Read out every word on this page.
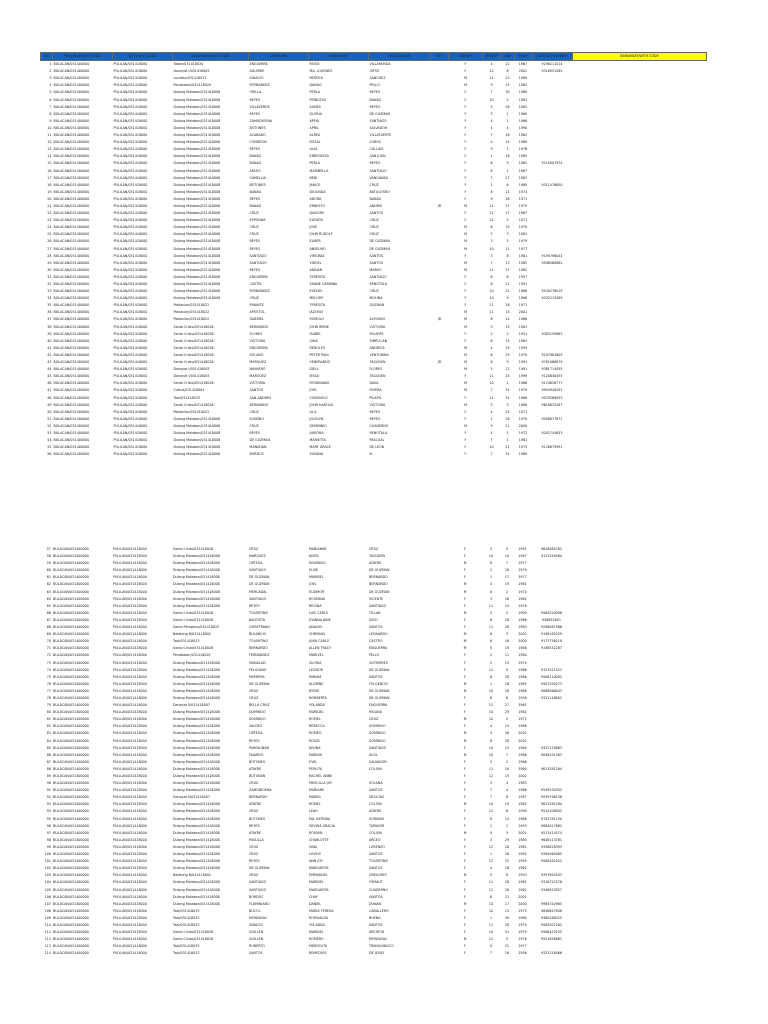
NO	PROVINCE/WITH CODE	CITY/WITH CODE	BARANGAY/WITH CODE	LASTNAME	FIRSTNAME	MIDDLENAME	EXT	GENDER	MONTH	DAY	YEAR	CONTACT NUMBER	BARANGAY/WITH CODE
1	BULACAN/031400000	PULILAN/031418000	Tabon/031418034	ENGUERRA	ROSIE	VILLARUNDA		F	4	22	1967	9298211014	
2	BULACAN/031400000	PULILAN/031418000	Danayat I/031418005	AGUIRRE	MA. LOURDES	ORTIZ		F	12	8	2002	9316951285	
3	BULACAN/031400000	PULILAN/031418000	Lumbac/031418011	IGNACIO	PATRICK	SANCHEZ		M	12	23	1989		
4	BULACAN/031400000	PULILAN/031418000	Penabatan/031418020	FERNANDEZ	DANILO	PELLO		M	9	25	1982		
5	BULACAN/031400000	PULILAN/031418000	Dulong Malabon/031418008	ORILLA	PERLA	REYES		F	7	30	1960		
6	BULACAN/031400000	PULILAN/031418000	Dulong Malabon/031418008	REYES	PRINCESS	BANAG		F	10	2	1981		
7	BULACAN/031400000	PULILAN/031418000	Dulong Malabon/031418008	VILLAVERDE	AGNES	REYES		F	5	26	1982		
8	BULACAN/031400000	PULILAN/031418000	Dulong Malabon/031418008	REYES	GLORIA	DE GUZMAN		F	3	1	1960		
9	BULACAN/031400000	PULILAN/031418000	Dulong Malabon/031418008	ZAMUDIOENA	APPIA	SANTIAGO		F	4	1	1966		
10	BULACAN/031400000	PULILAN/031418000	Dulong Malabon/031418008	BOTONES	APRIL	SALVADOR		F	4	4	1990		
11	BULACAN/031400000	PULILAN/031418000	Dulong Malabon/031418008	ACABADO	ALREA	VILLAFUERTE		F	7	18	1962		
12	BULACAN/031400000	PULILAN/031418000	Dulong Malabon/031418008	CONDRON	ROSAL	LOBOS		F	4	14	1980		
13	BULACAN/031400000	PULILAN/031418000	Dulong Malabon/031418008	REYES	LILIA	CALLIAO		F	9	1	1976		
14	BULACAN/031400000	PULILAN/031418000	Dulong Malabon/031418008	BANAG	ENRIQUEZA	SAN JUAN		F	1	18	1985		
15	BULACAN/031400000	PULILAN/031418000	Dulong Malabon/031418008	BANAG	PERLA	REYES		F	6	9	1962	9210007974	
16	BULACAN/031400000	PULILAN/031418000	Dulong Malabon/031418008	ARCEO	MARINELLA	SANTIAGO		F	8	1	1967		
17	BULACAN/031400000	PULILAN/031418000	Dulong Malabon/031418008	CAMELLIA	BEBI	VANGANZA		F	7	27	1983		
18	BULACAN/031400000	PULILAN/031418000	Dulong Malabon/031418008	BOTONES	JANICE	CRUZ		F	1	6	1980	9311476650	
19	BULACAN/031400000	PULILAN/031418000	Dulong Malabon/031418008	BANAG	DIOLINDA	BATILLOSRO		F	6	11	1974		
20	BULACAN/031400000	PULILAN/031418000	Dulong Malabon/031418008	REYES	ADORA	BANAG		F	9	18	1971		
21	BULACAN/031400000	PULILAN/031418000	Dulong Malabon/031418008	BANAG	ERNESTO	ANDRIS	JR	M	12	27	1975		
22	BULACAN/031400000	PULILAN/031418000	Dulong Malabon/031418008	CRUZ	DIASORE	SANTOS		F	12	17	1967		
23	BULACAN/031400000	PULILAN/031418000	Dulong Malabon/031418008	ESPONDA	ELENITA	CRUZ		F	12	5	1971		
24	BULACAN/031400000	PULILAN/031418000	Dulong Malabon/031418008	CRUZ	JOSE	CRUZ		M	6	19	1970		
25	BULACAN/031400000	PULILAN/031418000	Dulong Malabon/031418008	CRUZ	JOHN RUDOLF	CRUZ		M	5	3	1981		
26	BULACAN/031400000	PULILAN/031418000	Dulong Malabon/031418008	REYES	ELMER	DE GUZMAN		M	3	5	1979		
27	BULACAN/031400000	PULILAN/031418000	Dulong Malabon/031418008	REYES	ANSELMO	DE GUZMAN		M	10	11	1977		
28	BULACAN/031400000	PULILAN/031418000	Dulong Malabon/031418008	SANTIAGO	VIRGINIA	SANTOS		F	3	8	1961	9195796044	
29	BULACAN/031400000	PULILAN/031418000	Dulong Malabon/031418008	SANTIAGO	VIRGEL	SANTOS		M	7	13	1982	9948560882	
30	BULACAN/031400000	PULILAN/031418000	Dulong Malabon/031418008	REYES	ADRIAN	MARSO		M	11	27	1982		
31	BULACAN/031400000	PULILAN/031418000	Dulong Malabon/031418008	ENGUERRA	TERESITA	SANTIAGO		F	8	8	1957		
32	BULACAN/031400000	PULILAN/031418000	Dulong Malabon/031418008	CASTEL	SHANE CARMINA	RENOTALA		F	6	11	1991		
33	BULACAN/031400000	PULILAN/031418000	Dulong Malabon/031418008	FERNANDEZ	EVELYN	CRUZ		F	10	22	1966	9530278019	
34	BULACAN/031400000	PULILAN/031418000	Dulong Malabon/031418008	CRUZ	MELODY	MOLINA		F	10	9	1986	9332274589	
35	BULACAN/031400000	PULILAN/031418000	Poblacion/031418022	PINANTE	TERESITA	GUZMAN		F	11	26	1971		
36	BULACAN/031400000	PULILAN/031418000	Poblacion/031418022	APOSTOL	JAZORLY			M	11	15	2001		
37	BULACAN/031400000	PULILAN/031418000	Poblacion/031418022	GABRIEL	ROMULO	ALFONSO	JR	M	6	14	1966		
38	BULACAN/031400000	PULILAN/031418000	Santo Cristo/031418026	BERNARDO	JOHN IRENE	VICTORIA		M	3	15	1981		
39	BULACAN/031400000	PULILAN/031418000	Santo Cristo/031418026	FLORES	ISABEL	RICAFRE		F	2	2	1951	9383195863	
40	BULACAN/031400000	PULILAN/031418000	Santo Cristo/031418026	VICTORIA	GINA	SIMPLICAN		F	6	15	1983		
41	BULACAN/031400000	PULILAN/031418000	Santo Cristo/031418026	ENGUERRA	RENOLFO	ANDRICA		M	4	29	1959		
42	BULACAN/031400000	PULILAN/031418000	Santo Cristo/031418026	SOLANO	PETER PAUL	VENTURINA		M	6	29	1970	9107981809	
43	BULACAN/031400000	PULILAN/031418000	Santo Cristo/031418026	MARQUEZ	VENERANDO	TAGUDEN	JR	M	6	9	1991	9761068879	
44	BULACAN/031400000	PULILAN/031418000	Danayat I/031418005	NAVARRO	IDELL	FLORES		M	5	12	1991	9381714455	
45	BULACAN/031400000	PULILAN/031418000	Danayat I/031418005	MARQUEZ	JESSA	TAGUDEN		F	11	25	1999	9120840455	
46	BULACAN/031400000	PULILAN/031418000	Santo Cristo/031418026	VICTORIA	FERDINAND	DAVA		M	10	1	1966	9124626777	
47	BULACAN/031400000	PULILAN/031418000	Cutcut/031418004	SANTOS	JOEL	RIVERA		M	7	31	1979	9954940291	
48	BULACAN/031400000	PULILAN/031418000	Taal/031418033	SAN ANDRES	CONSUELO	PILAPIL		F	12	31	1966	9079269053	
49	BULACAN/031400000	PULILAN/031418000	Santo Cristo/031418026	BERNARDO	JOHN HAROLD	VICTORIA		M	5	3	1986	9618632287	
50	BULACAN/031400000	PULILAN/031418000	Poblacion/031418022	CRUZ	LILA	REYES		F	4	24	1971		
51	BULACAN/031400000	PULILAN/031418000	Dulong Malabon/031418008	EUSEBIO	JOCELYN	REYES		F	1	28	1970	9058677671	
52	BULACAN/031400000	PULILAN/031418000	Dulong Malabon/031418008	CRUZ	GEMMINIO	CUADERNO		M	9	21	2000		
53	BULACAN/031400000	PULILAN/031418000	Dulong Malabon/031418008	REYES	AURORA	RENOTALA		F	4	5	1972	9202745653	
54	BULACAN/031400000	PULILAN/031418000	Dulong Malabon/031418008	DE GUZMAN	MARIETTA	PASCUAL		F	7	1	1981		
55	BULACAN/031400000	PULILAN/031418000	Dulong Malabon/031418008	MANAHAN	MARY GRACE	DE LEON		F	10	21	1973	9128675991	
56	BULACAN/031400000	PULILAN/031418000	Dulong Malabon/031418008	BORDOC	SUSANA	N		F	7	31	1960		
57	BULACAN/031400000	PULILAN/031418000	Santo Cristo/031418026	CRUZ	MARIANNE	CRUZ		F	3	9	1991	9618080762	
58	BULACAN/031400000	PULILAN/031418000	Dulong Malabon/031418008	MARQUEZ	ANITA	TAGUDEN		F	10	10	1967	9122549564	
59	BULACAN/031400000	PULILAN/031418000	Dulong Malabon/031418008	ORTEGA	DOMINGO	ATAYDE		M	8	7	1977		
60	BULACAN/031400000	PULILAN/031418000	Dulong Malabon/031418008	SANTIAGO	ELISE	DE GUZMAN		F	2	18	1979		
61	BULACAN/031400000	PULILAN/031418000	Dulong Malabon/031418008	DE GUZMAN	MARIBEL	BERNARDO		F	1	17	1977		
62	BULACAN/031400000	PULILAN/031418000	Dulong Malabon/031418008	DE GUZMAN	JOEL	BERNARDO		M	4	19	1981		
63	BULACAN/031400000	PULILAN/031418000	Dulong Malabon/031418008	MERCADAL	ELDIMOR	DE GUZMAN		M	8	2	1970		
64	BULACAN/031400000	PULILAN/031418000	Dulong Malabon/031418008	SANTIAGO	ROSENDA	VICENTE		F	3	16	1962		
65	BULACAN/031400000	PULILAN/031418000	Dulong Malabon/031418008	REYES	REGINA	SANTIAGO		F	11	15	1976		
66	BULACAN/031400000	PULILAN/031418000	Santo Cristo/031418026	TOLENTINO	LUIS CARLO	TILLAN		M	3	2	1990	9564520098	
67	BULACAN/031400000	PULILAN/031418000	Santo Cristo/031418026	BAUTISTA	JOANNA JANE	SAYO		F	6	28	1986	948832691	
68	BULACAN/031400000	PULILAN/031418000	Santo Peregrino/031418025	CAPISTRANO	ANALYN	SANTOS		F	11	28	1983	9298087566	
69	BULACAN/031400000	PULILAN/031418000	Balatong B/031418002	BULANCIO	CHRISIAN	LEONARDO		M	6	3	2002	9198185229	
70	BULACAN/031400000	PULILAN/031418000	Taal/031418033	TOLENTINO	JUAN CARLO	CASTRO		M	6	16	2000	9173756210	
71	BULACAN/031400000	PULILAN/031418000	Santo Cristo/031418026	BERNARDO	ALLEN TRACY	ENGUERRA		M	5	19	1986	9198532287	
72	BULACAN/031400000	PULILAN/031418000	Penabatan/031418020	FERNANDEZ	MARIVEL	PELLO		F	2	11	1980		
73	BULACAN/031400000	PULILAN/031418000	Dulong Malabon/031418008	MANALAD	GLORIA	GUTIERREZ		F	2	13	1974		
74	BULACAN/031400000	PULILAN/031418000	Dulong Malabon/031418008	FELICIANO	LEONOR	DE GUZMAN		F	12	9	1966	9157011521	
75	BULACAN/031400000	PULILAN/031418000	Dulong Malabon/031418008	HERRERA	MIRIAM	SANTOS		F	6	28	1986	9506110092	
76	BULACAN/031400000	PULILAN/031418000	Dulong Malabon/031418008	DE GUZMAN	ALDRINE	FULGENCIO		M	1	26	1985	9507550273	
77	BULACAN/031400000	PULILAN/031418000	Dulong Malabon/031418008	CRUZ	JESSIE	DE GUZMAN		M	10	18	1988	9068966043	
78	BULACAN/031400000	PULILAN/031418000	Dulong Malabon/031418008	CRUZ	NORBERTA	DE GUZMAN		F	6	6	1958	9321118802	
79	BULACAN/031400000	PULILAN/031418000	Danayat II/031418007	BELLA CRUZ	YOLANDA	ENGUERRA		F	12	27	1961		
80	BULACAN/031400000	PULILAN/031418000	Dulong Malabon/031418008	DOMINGO	MARIDEL	MOLINA		F	10	29	1982		
81	BULACAN/031400000	PULILAN/031418000	Dulong Malabon/031418008	DOMINGO	ROMEL	CRUZ		M	10	5	1972		
82	BULACAN/031400000	PULILAN/031418000	Dulong Malabon/031418008	VALDEZ	REBECCA	DOMINGO		F	4	13	1988		
83	BULACAN/031400000	PULILAN/031418000	Dulong Malabon/031418008	ORTEGA	ROMEO	DOMINGO		M	4	26	2001		
84	BULACAN/031400000	PULILAN/031418000	Dulong Malabon/031418008	REYES	ROGEL	DOMINGO		M	8	28	2001		
85	BULACAN/031400000	PULILAN/031418000	Dulong Malabon/031418008	PANGILINAN	DIVINA	SANTIAGO		F	10	13	1960	9322170863	
86	BULACAN/031400000	PULILAN/031418000	Dulong Malabon/031418008	FAJARDO	MARVIN	ACOL		M	10	7	1986	9098191363	
87	BULACAN/031400000	PULILAN/031418000	Dulong Malabon/031418008	BOTONES	EVEL	SALVADOR		F	3	2	1966		
88	BULACAN/031400000	PULILAN/031418000	Dulong Malabon/031418008	ATAYDE	PERLITA	COLION		F	11	10	1980	9813281264	
89	BULACAN/031400000	PULILAN/031418000	Dulong Malabon/031418008	BUTUNAN	RACHEL ANNE			F	12	15	2002		
90	BULACAN/031400000	PULILAN/031418000	Dulong Malabon/031418008	CRUZ	PRISCILLA JOY	SOLANA		F	3	4	1983		
91	BULACAN/031400000	PULILAN/031418000	Dulong Malabon/031418008	ZAMUDIOENA	MARIANE	SANTOS		F	7	4	1966	9549530302	
92	BULACAN/031400000	PULILAN/031418000	Danayat II/031418007	BERNARDO	MARIEL	DELICIAS		F	7	8	1987	9539796238	
93	BULACAN/031400000	PULILAN/031418000	Dulong Malabon/031418008	ATAYDE	ROMEL	COLION		M	10	19	1982	9813281264	
94	BULACAN/031400000	PULILAN/031418000	Dulong Malabon/031418008	CRUZ	LEAH	ATAYDE		F	12	6	1990	9510108002	
95	BULACAN/031400000	PULILAN/031418000	Dulong Malabon/031418008	BOTONES	MA. KATRINA	SORIANO		F	8	14	1988	9702781250	
96	BULACAN/031400000	PULILAN/031418000	Dulong Malabon/031418008	REYES	DEVINA GRACIA	TAPADOR		F	1	2	1993	9084017882	
97	BULACAN/031400000	PULILAN/031418000	Dulong Malabon/031418008	ATAYDE	ROMVIN	COLION		M	9	5	2001	9513414574	
98	BULACAN/031400000	PULILAN/031418000	Dulong Malabon/031418008	MIGULLA	CHARLOTTE	ARCEO		F	3	29	1985	9608113761	
99	BULACAN/031400000	PULILAN/031418000	Dulong Malabon/031418008	CRUZ	GINA	LORENZO		F	12	18	1981	9356828393	
100	BULACAN/031400000	PULILAN/031418000	Dulong Malabon/031418008	CRUZ	LOVELY	SANTOS		F	1	28	1995	9285065065	
101	BULACAN/031400000	PULILAN/031418000	Dulong Malabon/031418008	REYES	ANN JOY	TOLENTINO		F	12	25	1995	9506181022	
102	BULACAN/031400000	PULILAN/031418000	Dulong Malabon/031418008	DE GUZMAN	MARGARITA	SANTOS		F	4	26	1962		
103	BULACAN/031400000	PULILAN/031418000	Balatong B/031418002	CRUZ	EMMANUEL	GREGORIO		M	5	8	1993	9397654503	
104	BULACAN/031400000	PULILAN/031418000	Dulong Malabon/031418008	SANTIAGO	MARIDEL	YSMAUT		F	11	28	1982	9318722578	
105	BULACAN/031400000	PULILAN/031418000	Dulong Malabon/031418008	SANTIAGO	MARGARITA	CUADERNO		F	12	28	1962	9346553927	
106	BULACAN/031400000	PULILAN/031418000	Dulong Malabon/031418008	BORDOC	CHAY	SANTOS		F	6	21	2001		
107	BULACAN/031400000	PULILAN/031418000	Dulong Malabon/031418008	FLAMINIANO	DANIEL	DUNAN		M	10	17	2000	9985310985	
108	BULACAN/031400000	PULILAN/031418000	Taal/031418033	BUCOL	MARIA TERESA	CABALLERO		F	10	13	1975	9098647848	
109	BULACAN/031400000	PULILAN/031418000	Taal/031418033	MONSAYAC	ROMUALDA	BUENA		F	1	30	1980	9460266325	
110	BULACAN/031400000	PULILAN/031418000	Taal/031418033	IGNACIO	YOLANDA	SANTOS		F	11	28	1970	9562507282	
111	BULACAN/031400000	PULILAN/031418000	Santo Cristo/031418026	GUILLEN	MARIDEL	ARCHETA		F	10	31	1979	9568425255	
112	BULACAN/031400000	PULILAN/031418000	Santo Cristo/031418026	GUILLEN	ROMERO	MONSAYAC		M	12	5	1976	9551656861	
113	BULACAN/031400000	PULILAN/031418000	Taal/031418033	ROBERTO	MERCELITA	TRANQUINGCO		F	8	21	1977		
114	BULACAN/031400000	PULILAN/031418000	Taal/031418033	SANTOS	REMEDIOS	DE JESUS		F	7	16	1956	9322316566	
